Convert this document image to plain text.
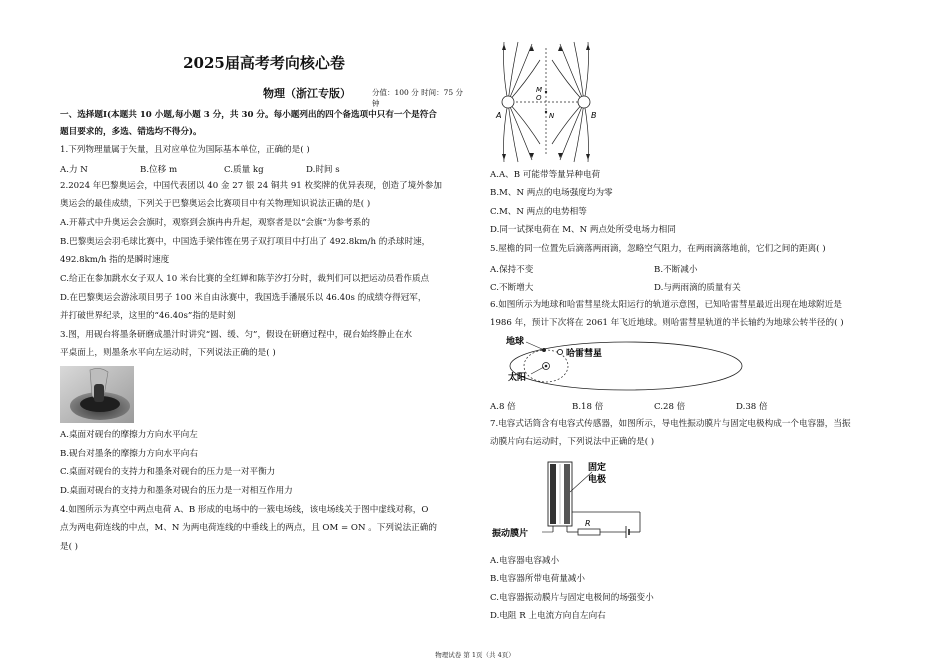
2025届高考考向核心卷
物理（浙江专版）	分值：100 分 时间：75 分钟

一、选择题Ⅰ(本题共 10 小题,每小题 3 分，共 30 分。每小题列出的四个备选项中只有一个是符合

题目要求的，多选、错选均不得分)。

1.下列物理量属于矢量，且对应单位为国际基本单位，正确的是( )

A.力 N	B.位移 m	C.质量 kg	D.时间 s

2.2024 年巴黎奥运会，中国代表团以 40 金 27 银 24 铜共 91 枚奖牌的优异表现，创造了境外参加

奥运会的最佳成绩，下列关于巴黎奥运会比赛项目中有关物理知识说法正确的是( )

A.开幕式中升奥运会会旗时，观察到会旗冉冉升起，观察者是以“会旗”为参考系的

B.巴黎奥运会羽毛球比赛中，中国选手梁伟铿在男子双打项目中打出了 492.8km/h 的杀球时速，

492.8km/h 指的是瞬时速度

C.给正在参加跳水女子双人 10 米台比赛的全红婵和陈芋汐打分时，裁判们可以把运动员看作质点

D.在巴黎奥运会游泳项目男子 100 米自由泳赛中，我国选手潘展乐以 46.40s 的成绩夺得冠军，

并打破世界纪录，这里的“46.40s”指的是时刻

3.图，用砚台将墨条研磨成墨汁时讲究“圆、缓、匀”，假设在研磨过程中，砚台始终静止在水

平桌面上，则墨条水平向左运动时，下列说法正确的是( )

A.桌面对砚台的摩擦力方向水平向左

B.砚台对墨条的摩擦力方向水平向右

C.桌面对砚台的支持力和墨条对砚台的压力是一对平衡力

D.桌面对砚台的支持力和墨条对砚台的压力是一对相互作用力

4.如图所示为真空中两点电荷 A、B 形成的电场中的一簇电场线，该电场线关于图中虚线对称，O

点为两电荷连线的中点，M、N 为两电荷连线的中垂线上的两点，且 OM = ON 。下列说法正确的

是( )

A	B
M
O
N

A.A、B 可能带等量异种电荷

B.M、N 两点的电场强度均为零

C.M、N 两点的电势相等

D.同一试探电荷在 M、N 两点处所受电场力相同

5.屋檐的同一位置先后滴落两雨滴，忽略空气阻力，在两雨滴落地前，它们之间的距离( )

A.保持不变	B.不断减小
C.不断增大	D.与两雨滴的质量有关

6.如图所示为地球和哈雷彗星绕太阳运行的轨道示意图，已知哈雷彗星最近出现在地球附近是

1986 年，预计下次将在 2061 年飞近地球。则哈雷彗星轨道的半长轴约为地球公转半径的( )

地球
哈雷彗星
太阳
A.8 倍	B.18 倍	C.28 倍	D.38 倍

7.电容式话筒含有电容式传感器，如图所示，导电性振动膜片与固定电极构成一个电容器，当振

动膜片向右运动时，下列说法中正确的是( )

固定
电极
振动膜片
R

A.电容器电容减小

B.电容器所带电荷量减小

C.电容器振动膜片与固定电极间的场强变小

D.电阻 R 上电流方向自左向右

物理试卷 第 1页（共 4页）
